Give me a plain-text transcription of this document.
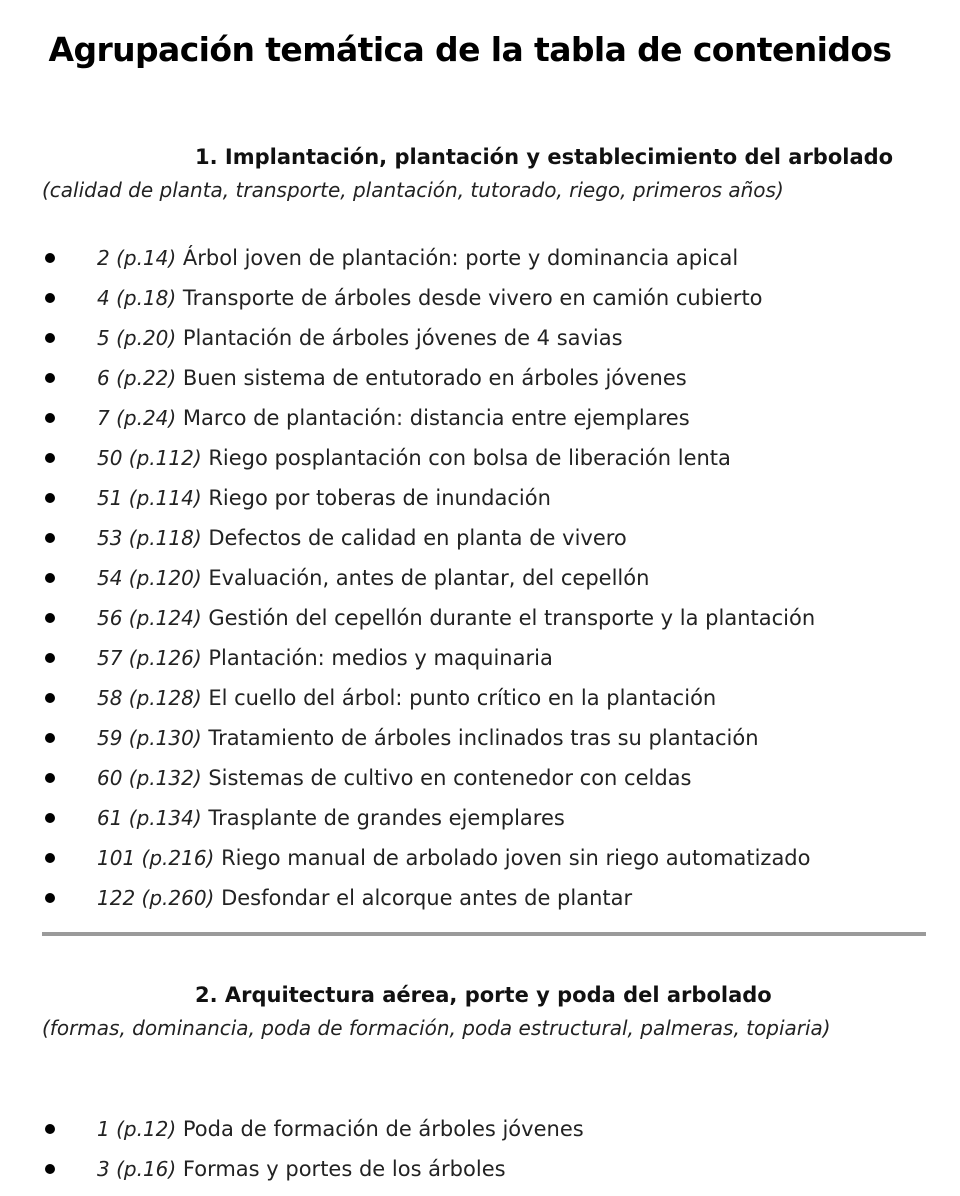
Agrupación temática de la tabla de contenidos
1. Implantación, plantación y establecimiento del arbolado

(calidad de planta, transporte, plantación, tutorado, riego, primeros años)

2 (p.14) Árbol joven de plantación: porte y dominancia apical
4 (p.18) Transporte de árboles desde vivero en camión cubierto
5 (p.20) Plantación de árboles jóvenes de 4 savias
6 (p.22) Buen sistema de entutorado en árboles jóvenes
7 (p.24) Marco de plantación: distancia entre ejemplares
50 (p.112) Riego posplantación con bolsa de liberación lenta
51 (p.114) Riego por toberas de inundación
53 (p.118) Defectos de calidad en planta de vivero
54 (p.120) Evaluación, antes de plantar, del cepellón
56 (p.124) Gestión del cepellón durante el transporte y la plantación
57 (p.126) Plantación: medios y maquinaria
58 (p.128) El cuello del árbol: punto crítico en la plantación
59 (p.130) Tratamiento de árboles inclinados tras su plantación
60 (p.132) Sistemas de cultivo en contenedor con celdas
61 (p.134) Trasplante de grandes ejemplares
101 (p.216) Riego manual de arbolado joven sin riego automatizado
122 (p.260) Desfondar el alcorque antes de plantar
2. Arquitectura aérea, porte y poda del arbolado

(formas, dominancia, poda de formación, poda estructural, palmeras, topiaria)

1 (p.12) Poda de formación de árboles jóvenes
3 (p.16) Formas y portes de los árboles
